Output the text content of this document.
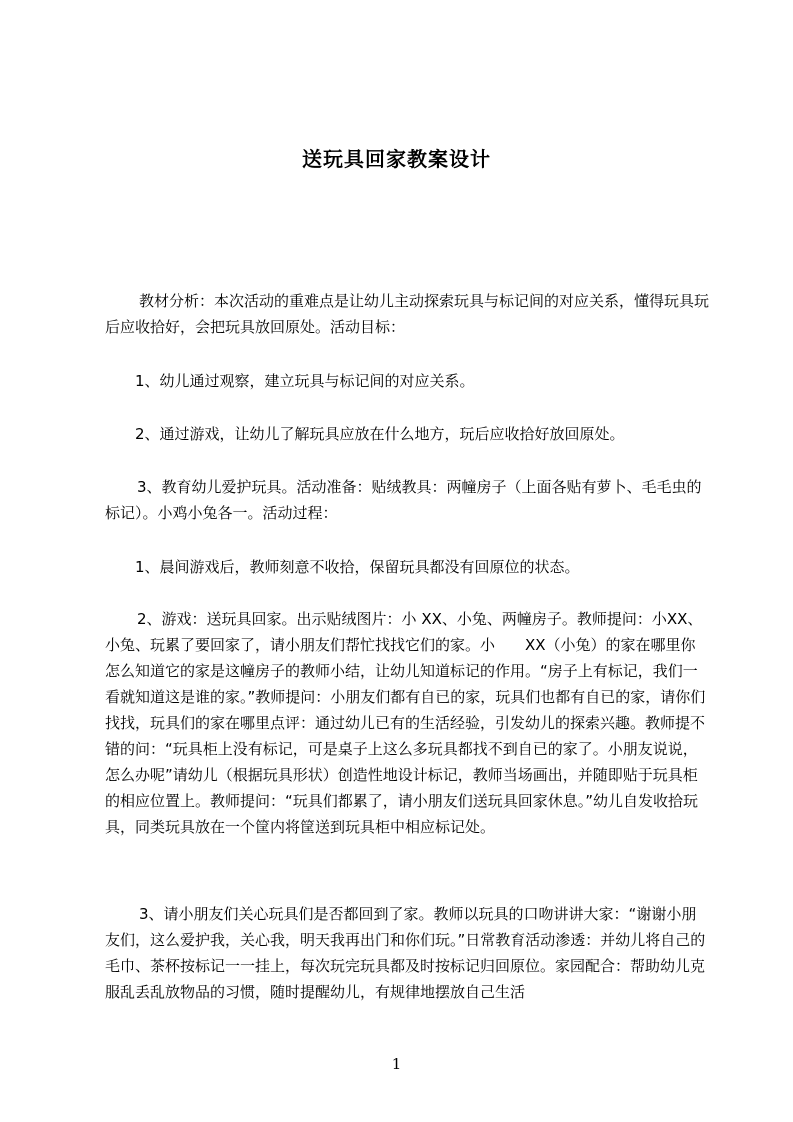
送玩具回家教案设计

教材分析：本次活动的重难点是让幼儿主动探索玩具与标记间的对应关系，懂得玩具玩后应收拾好，会把玩具放回原处。活动目标：

1、幼儿通过观察，建立玩具与标记间的对应关系。

2、通过游戏，让幼儿了解玩具应放在什么地方，玩后应收拾好放回原处。

3、教育幼儿爱护玩具。活动准备：贴绒教具：两幢房子（上面各贴有萝卜、毛毛虫的标记）。小鸡小兔各一。活动过程：

1、晨间游戏后，教师刻意不收拾，保留玩具都没有回原位的状态。

2、游戏：送玩具回家。出示贴绒图片：小 XX、小兔、两幢房子。教师提问：小XX、小兔、玩累了要回家了，请小朋友们帮忙找找它们的家。小　　XX（小兔）的家在哪里你怎么知道它的家是这幢房子的教师小结，让幼儿知道标记的作用。“房子上有标记，我们一看就知道这是谁的家。”教师提问：小朋友们都有自已的家，玩具们也都有自已的家，请你们找找，玩具们的家在哪里点评：通过幼儿已有的生活经验，引发幼儿的探索兴趣。教师提不错的问：“玩具柜上没有标记，可是桌子上这么多玩具都找不到自已的家了。小朋友说说，怎么办呢”请幼儿（根据玩具形状）创造性地设计标记，教师当场画出，并随即贴于玩具柜的相应位置上。教师提问：“玩具们都累了，请小朋友们送玩具回家休息。”幼儿自发收拾玩具，同类玩具放在一个筐内将筐送到玩具柜中相应标记处。

3、请小朋友们关心玩具们是否都回到了家。教师以玩具的口吻讲讲大家：“谢谢小朋友们，这么爱护我，关心我，明天我再出门和你们玩。”日常教育活动渗透：并幼儿将自己的毛巾、茶杯按标记一一挂上，每次玩完玩具都及时按标记归回原位。家园配合：帮助幼儿克服乱丢乱放物品的习惯，随时提醒幼儿，有规律地摆放自己生活

1
